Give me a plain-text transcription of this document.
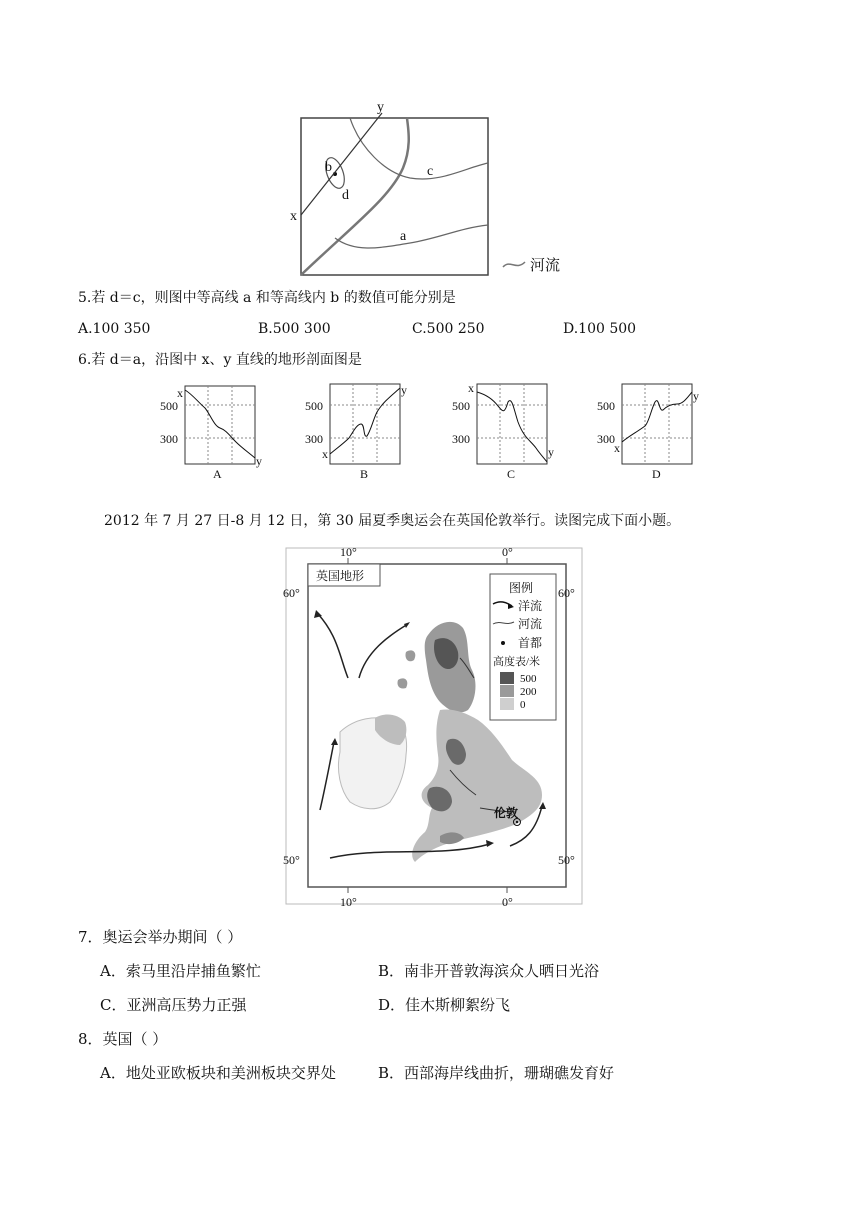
y
x
b
d
c
a
河流
5.若 d＝c，则图中等高线 a 和等高线内 b 的数值可能分别是
A.100 350	B.500 300	C.500 250	D.100 500
6.若 d＝a，沿图中 x、y 直线的地形剖面图是
500
300
x
y
A
500
300
x
y
B
500
300
x
y
C
500
300
x
y
D
2012 年 7 月 27 日-8 月 12 日，第 30 届夏季奥运会在英国伦敦举行。读图完成下面小题。
10°	0°
10°	0°
60°	60°
50°	50°
英国地形
伦敦
图例
洋流
河流
首都
高度表/米
500
200
0
7．奥运会举办期间（ ）
A．索马里沿岸捕鱼繁忙	B．南非开普敦海滨众人晒日光浴
C．亚洲高压势力正强	D．佳木斯柳絮纷飞
8．英国（ ）
A．地处亚欧板块和美洲板块交界处	B．西部海岸线曲折，珊瑚礁发育好
